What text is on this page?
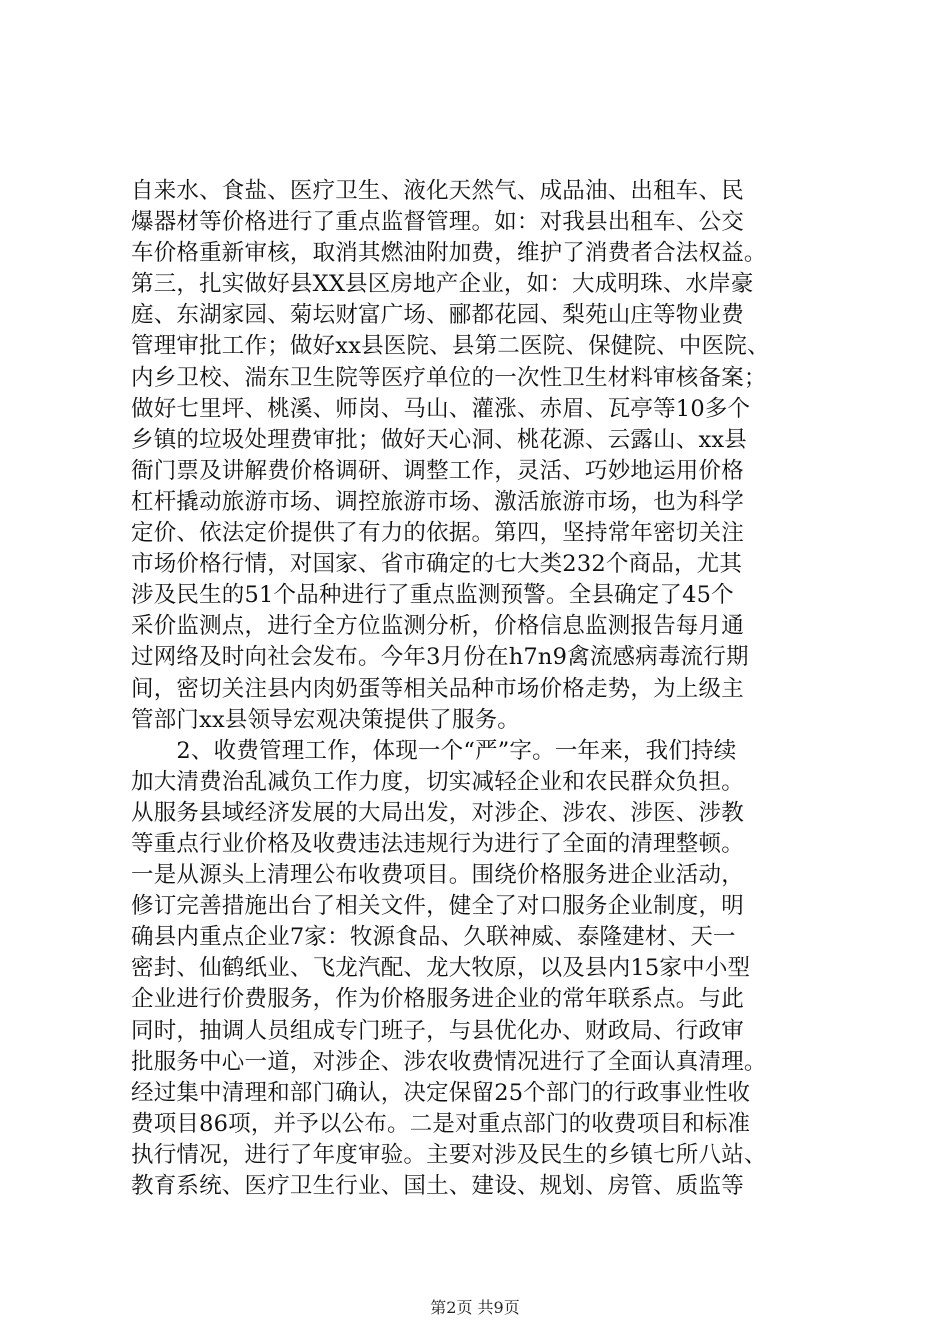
自来水、食盐、医疗卫生、液化天然气、成品油、出租车、民
爆器材等价格进行了重点监督管理。如：对我县出租车、公交
车价格重新审核，取消其燃油附加费，维护了消费者合法权益。
第三，扎实做好县XX县区房地产企业，如：大成明珠、水岸豪
庭、东湖家园、菊坛财富广场、郦都花园、梨苑山庄等物业费
管理审批工作；做好xx县医院、县第二医院、保健院、中医院、
内乡卫校、湍东卫生院等医疗单位的一次性卫生材料审核备案；
做好七里坪、桃溪、师岗、马山、灌涨、赤眉、瓦亭等10多个
乡镇的垃圾处理费审批；做好天心洞、桃花源、云露山、xx县
衙门票及讲解费价格调研、调整工作，灵活、巧妙地运用价格
杠杆撬动旅游市场、调控旅游市场、激活旅游市场，也为科学
定价、依法定价提供了有力的依据。第四，坚持常年密切关注
市场价格行情，对国家、省市确定的七大类232个商品，尤其
涉及民生的51个品种进行了重点监测预警。全县确定了45个
采价监测点，进行全方位监测分析，价格信息监测报告每月通
过网络及时向社会发布。今年3月份在h7n9禽流感病毒流行期
间，密切关注县内肉奶蛋等相关品种市场价格走势，为上级主
管部门xx县领导宏观决策提供了服务。
　　2、收费管理工作，体现一个“严”字。一年来，我们持续
加大清费治乱减负工作力度，切实减轻企业和农民群众负担。
从服务县域经济发展的大局出发，对涉企、涉农、涉医、涉教
等重点行业价格及收费违法违规行为进行了全面的清理整顿。
一是从源头上清理公布收费项目。围绕价格服务进企业活动，
修订完善措施出台了相关文件，健全了对口服务企业制度，明
确县内重点企业7家：牧源食品、久联神威、泰隆建材、天一
密封、仙鹤纸业、飞龙汽配、龙大牧原，以及县内15家中小型
企业进行价费服务，作为价格服务进企业的常年联系点。与此
同时，抽调人员组成专门班子，与县优化办、财政局、行政审
批服务中心一道，对涉企、涉农收费情况进行了全面认真清理。
经过集中清理和部门确认，决定保留25个部门的行政事业性收
费项目86项，并予以公布。二是对重点部门的收费项目和标准
执行情况，进行了年度审验。主要对涉及民生的乡镇七所八站、
教育系统、医疗卫生行业、国土、建设、规划、房管、质监等
第2页 共9页
